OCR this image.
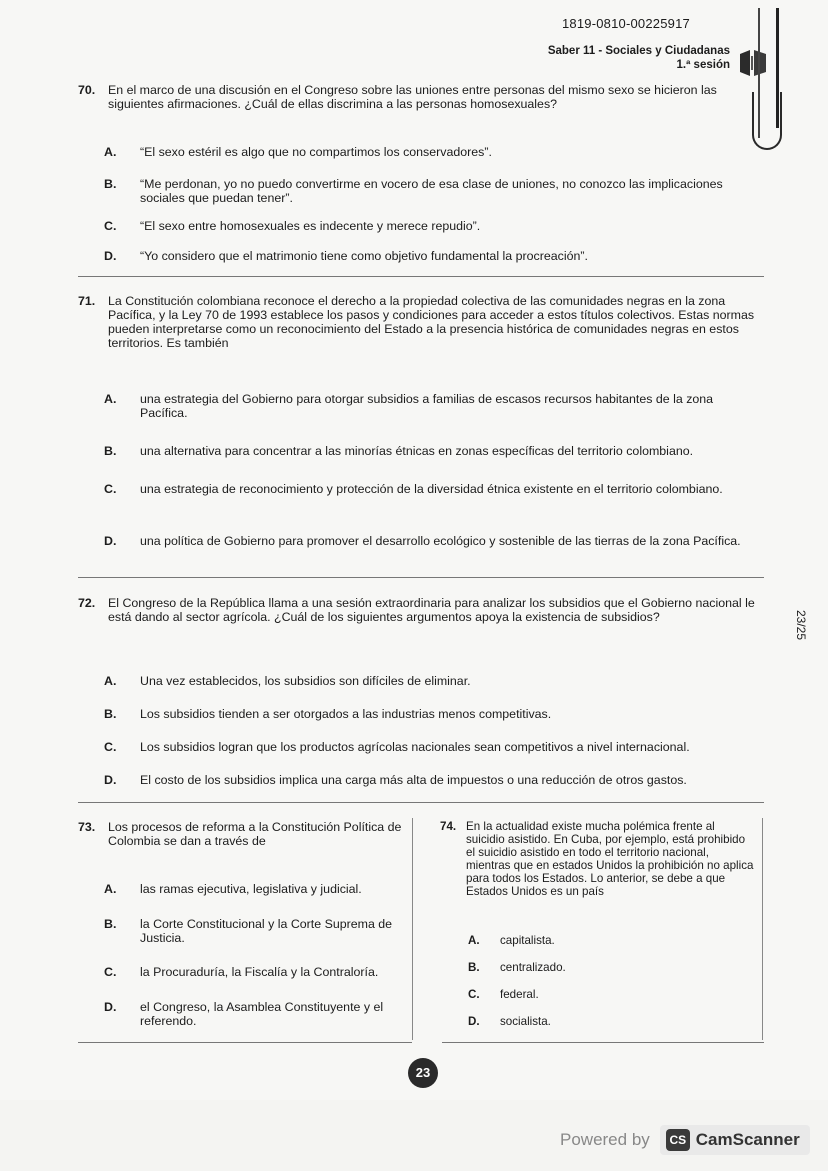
1819-0810-00225917
Saber 11 - Sociales y Ciudadanas
1.ª sesión
23/25
70. En el marco de una discusión en el Congreso sobre las uniones entre personas del mismo sexo se hicieron las siguientes afirmaciones. ¿Cuál de ellas discrimina a las personas homosexuales?
A.	“El sexo estéril es algo que no compartimos los conservadores”.
B.	“Me perdonan, yo no puedo convertirme en vocero de esa clase de uniones, no conozco las implicaciones sociales que puedan tener”.
C.	“El sexo entre homosexuales es indecente y merece repudio”.
D.	“Yo considero que el matrimonio tiene como objetivo fundamental la procreación”.
71. La Constitución colombiana reconoce el derecho a la propiedad colectiva de las comunidades negras en la zona Pacífica, y la Ley 70 de 1993 establece los pasos y condiciones para acceder a estos títulos colectivos. Estas normas pueden interpretarse como un reconocimiento del Estado a la presencia histórica de comunidades negras en estos territorios. Es también
A.	una estrategia del Gobierno para otorgar subsidios a familias de escasos recursos habitantes de la zona Pacífica.
B.	una alternativa para concentrar a las minorías étnicas en zonas específicas del territorio colombiano.
C.	una estrategia de reconocimiento y protección de la diversidad étnica existente en el territorio colombiano.
D.	una política de Gobierno para promover el desarrollo ecológico y sostenible de las tierras de la zona Pacífica.
72. El Congreso de la República llama a una sesión extraordinaria para analizar los subsidios que el Gobierno nacional le está dando al sector agrícola. ¿Cuál de los siguientes argumentos apoya la existencia de subsidios?
A.	Una vez establecidos, los subsidios son difíciles de eliminar.
B.	Los subsidios tienden a ser otorgados a las industrias menos competitivas.
C.	Los subsidios logran que los productos agrícolas nacionales sean competitivos a nivel internacional.
D.	El costo de los subsidios implica una carga más alta de impuestos o una reducción de otros gastos.
73. Los procesos de reforma a la Constitución Política de Colombia se dan a través de
A.	las ramas ejecutiva, legislativa y judicial.
B.	la Corte Constitucional y la Corte Suprema de Justicia.
C.	la Procuraduría, la Fiscalía y la Contraloría.
D.	el Congreso, la Asamblea Constituyente y el referendo.
74. En la actualidad existe mucha polémica frente al suicidio asistido. En Cuba, por ejemplo, está prohibido el suicidio asistido en todo el territorio nacional, mientras que en estados Unidos la prohibición no aplica para todos los Estados. Lo anterior, se debe a que Estados Unidos es un país
A.	capitalista.
B.	centralizado.
C.	federal.
D.	socialista.
23
Powered by	CS CamScanner
